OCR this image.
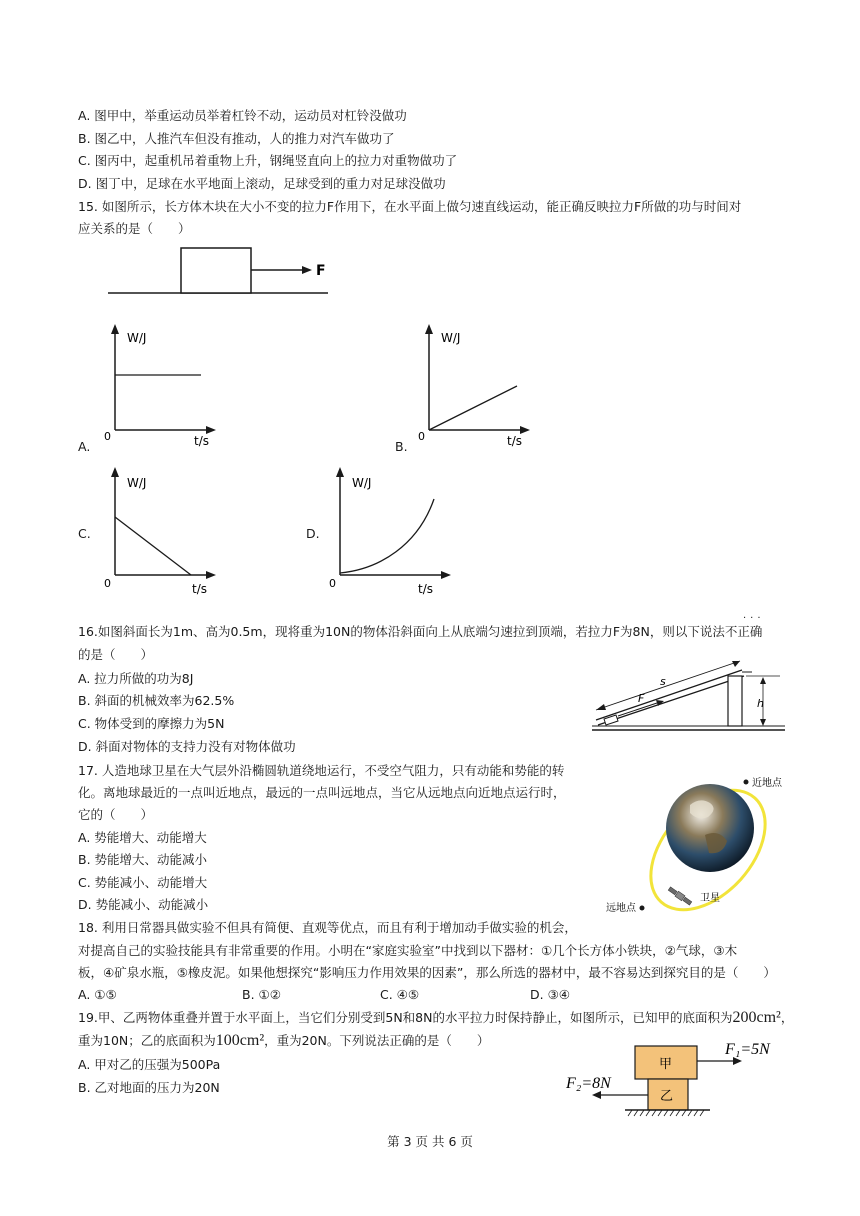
A. 图甲中，举重运动员举着杠铃不动，运动员对杠铃没做功
B. 图乙中，人推汽车但没有推动，人的推力对汽车做功了
C. 图丙中，起重机吊着重物上升，钢绳竖直向上的拉力对重物做功了
D. 图丁中，足球在水平地面上滚动，足球受到的重力对足球没做功
15. 如图所示，长方体木块在大小不变的拉力F作用下，在水平面上做匀速直线运动，能正确反映拉力F所做的功与时间对
应关系的是（　　）
F
W/J
t/s
0
A.
W/J
t/s
0
B.
W/J
t/s
0
C.
W/J
t/s
0
D.
16.如图斜面长为1m、高为0.5m，现将重为10N的物体沿斜面向上从底端匀速拉到顶端，若拉力F为8N，则以下说法不正确
···
的是（　　）
A. 拉力所做的功为8J
B. 斜面的机械效率为62.5%
C. 物体受到的摩擦力为5N
D. 斜面对物体的支持力没有对物体做功
s
F	h
17. 人造地球卫星在大气层外沿椭圆轨道绕地运行，不受空气阻力，只有动能和势能的转
化。离地球最近的一点叫近地点，最远的一点叫远地点，当它从远地点向近地点运行时，
它的（　　）
A. 势能增大、动能增大
B. 势能增大、动能减小
C. 势能减小、动能增大
D. 势能减小、动能减小
近地点
远地点
卫星
18. 利用日常器具做实验不但具有简便、直观等优点，而且有利于增加动手做实验的机会，
对提高自己的实验技能具有非常重要的作用。小明在“家庭实验室”中找到以下器材：①几个长方体小铁块，②气球，③木
板，④矿泉水瓶，⑤橡皮泥。如果他想探究“影响压力作用效果的因素”，那么所选的器材中，最不容易达到探究目的是（　　）
A. ①⑤	B. ①②	C. ④⑤	D. ③④
19.甲、乙两物体重叠并置于水平面上，当它们分别受到5N和8N的水平拉力时保持静止，如图所示，已知甲的底面积为200cm²，
重为10N；乙的底面积为100cm²，重为20N。下列说法正确的是（　　）
A. 甲对乙的压强为500Pa
B. 乙对地面的压力为20N
甲
乙
F₁=5N
F₂=8N
第 3 页 共 6 页
